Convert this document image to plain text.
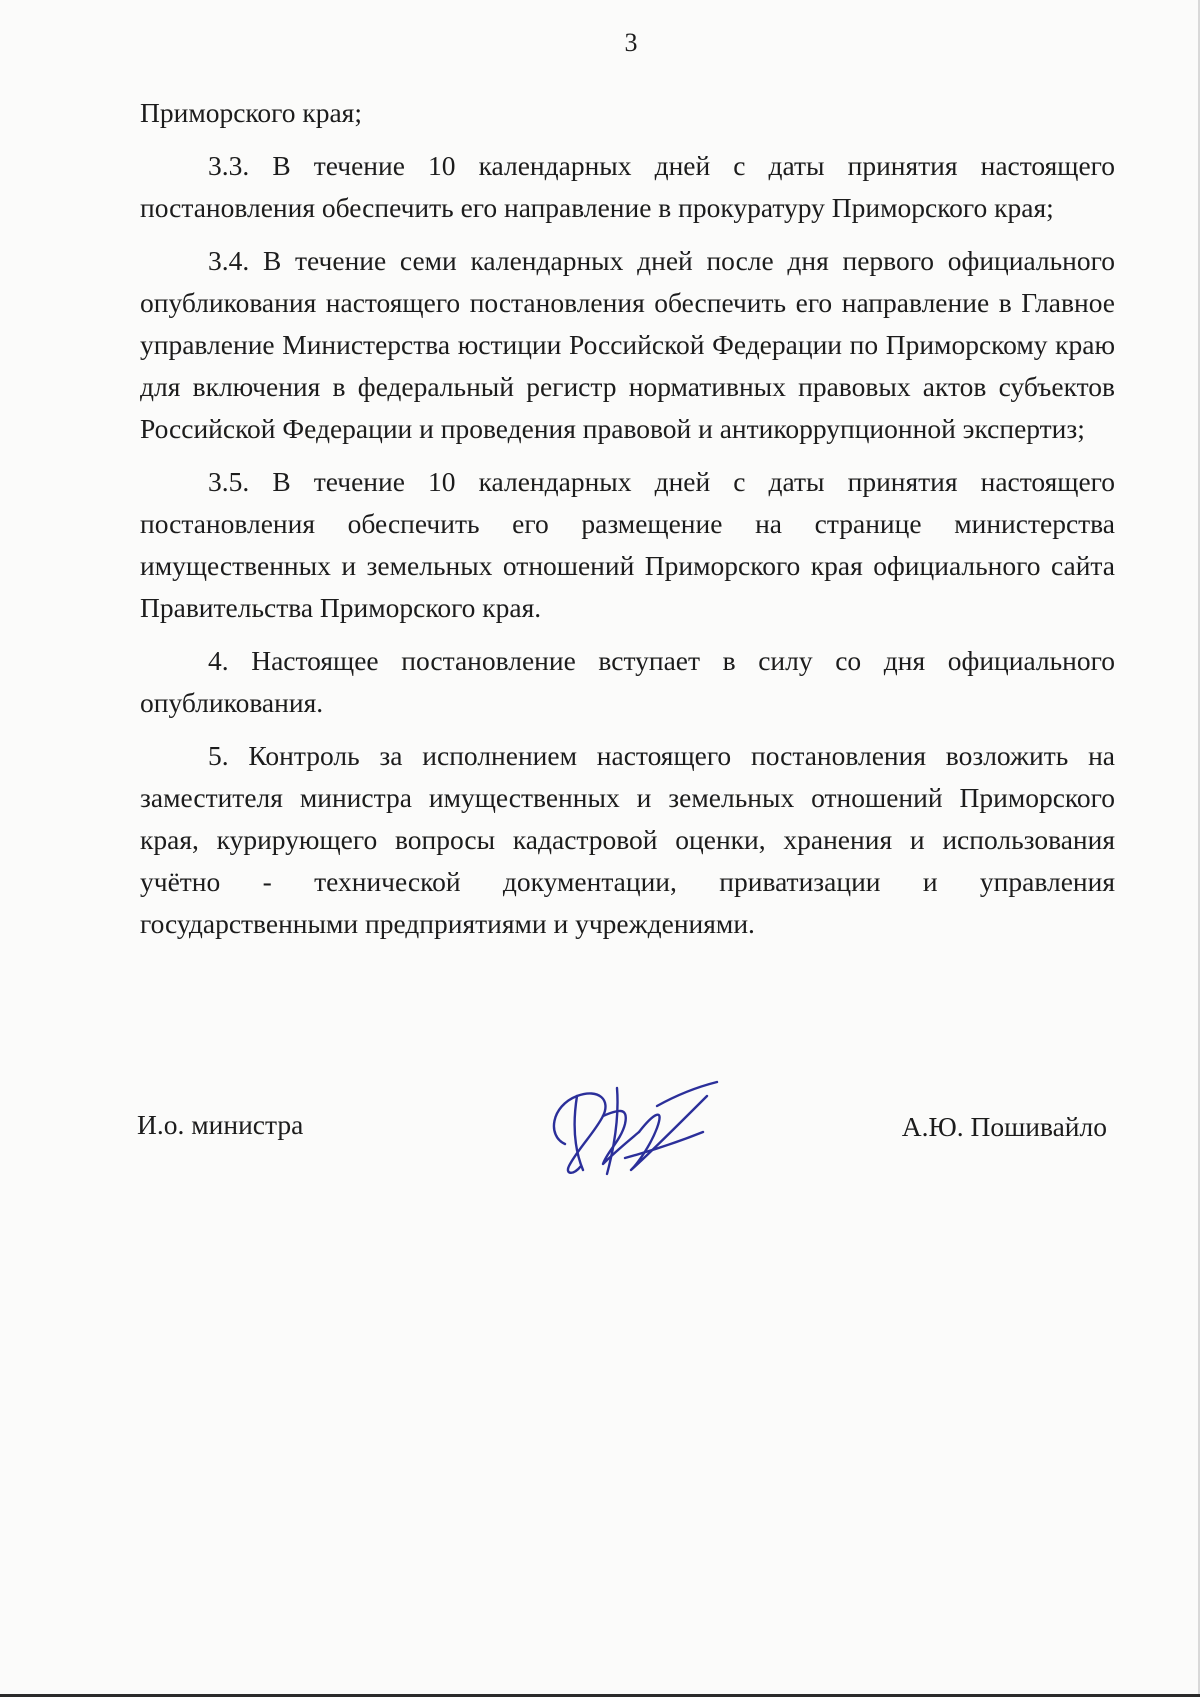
3

Приморского края;

3.3. В течение 10 календарных дней с даты принятия настоящего постановления обеспечить его направление в прокуратуру Приморского края;

3.4. В течение семи календарных дней после дня первого официального опубликования настоящего постановления обеспечить его направление в Главное управление Министерства юстиции Российской Федерации по Приморскому краю для включения в федеральный регистр нормативных правовых актов субъектов Российской Федерации и проведения правовой и антикоррупционной экспертиз;

3.5. В течение 10 календарных дней с даты принятия настоящего постановления обеспечить его размещение на странице министерства имущественных и земельных отношений Приморского края официального сайта Правительства Приморского края.

4. Настоящее постановление вступает в силу со дня официального опубликования.

5. Контроль за исполнением настоящего постановления возложить на заместителя министра имущественных и земельных отношений Приморского края, курирующего вопросы кадастровой оценки, хранения и использования учётно - технической документации, приватизации и управления государственными предприятиями и учреждениями.

И.о. министра	А.Ю. Пошивайло
